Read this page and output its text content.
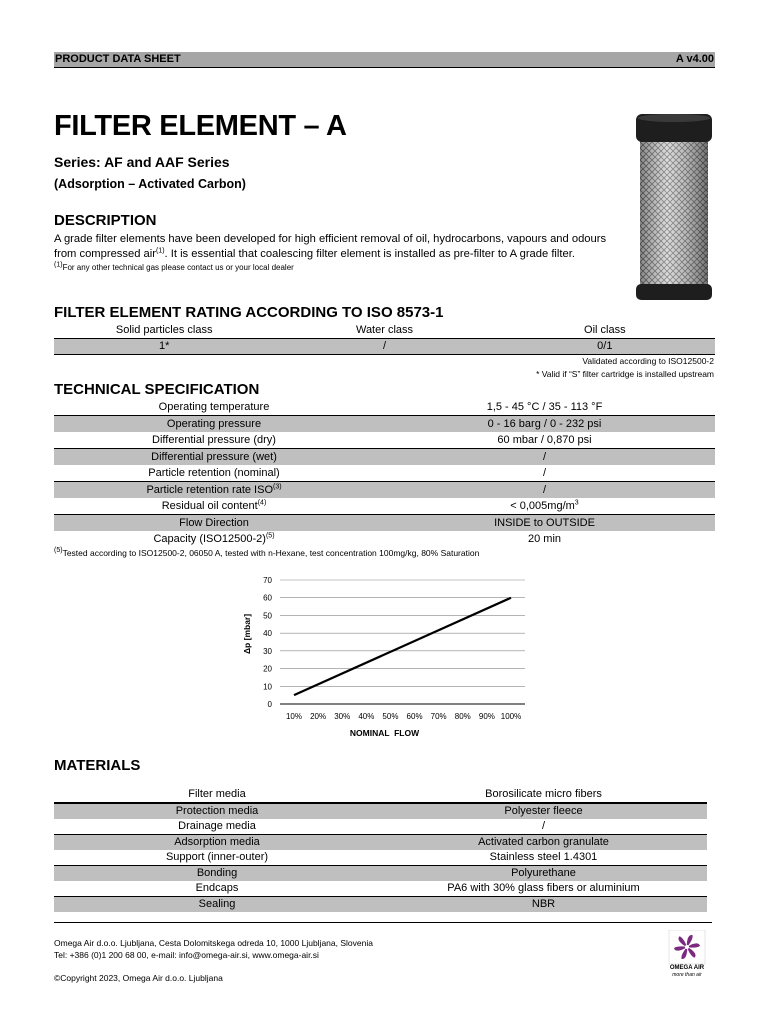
PRODUCT DATA SHEET	A v4.00
FILTER ELEMENT – A
Series: AF and AAF Series
(Adsorption – Activated Carbon)
DESCRIPTION
A grade filter elements have been developed for high efficient removal of oil, hydrocarbons, vapours and odours from compressed air$^{(1)}$. It is essential that coalescing filter element is installed as pre-filter to A grade filter.
$^{(1)}$For any other technical gas please contact us or your local dealer
FILTER ELEMENT RATING ACCORDING TO ISO 8573-1
Solid particles class	Water class	Oil class
1*	/	0/1
Validated according to ISO12500-2
* Valid if “S” filter cartridge is installed upstream
TECHNICAL SPECIFICATION
Operating temperature	1,5 - 45 °C / 35 - 113 °F
Operating pressure	0 - 16 barg / 0 - 232 psi
Differential pressure (dry)	60 mbar / 0,870 psi
Differential pressure (wet)	/
Particle retention (nominal)	/
Particle retention rate ISO$^{(3)}$	/
Residual oil content$^{(4)}$	< $0,005mg/m^3$
Flow Direction	INSIDE to OUTSIDE
Capacity $(ISO12500-2)^{(5)}$	20 min
$^{(5)}$Tested according to ISO12500-2, 06050 A, tested with n-Hexane, test concentration 100mg/kg, 80% Saturation
0
10
20
30
40
50
60
70
10% 20% 30% 40% 50% 60% 70% 80% 90% 100%
NOMINAL  FLOW
Δp [mbar]
MATERIALS
Filter media	Borosilicate micro fibers
Protection media	Polyester fleece
Drainage media	/
Adsorption media	Activated carbon granulate
Support (inner-outer)	Stainless steel 1.4301
Bonding	Polyurethane
Endcaps	PA6 with 30% glass fibers or aluminium
Sealing	NBR
Omega Air d.o.o. Ljubljana, Cesta Dolomitskega odreda 10, 1000 Ljubljana, Slovenia
Tel: +386 (0)1 200 68 00, e-mail: info@omega-air.si, www.omega-air.si
©Copyright 2023, Omega Air d.o.o. Ljubljana
OMEGA AIR
more than air
